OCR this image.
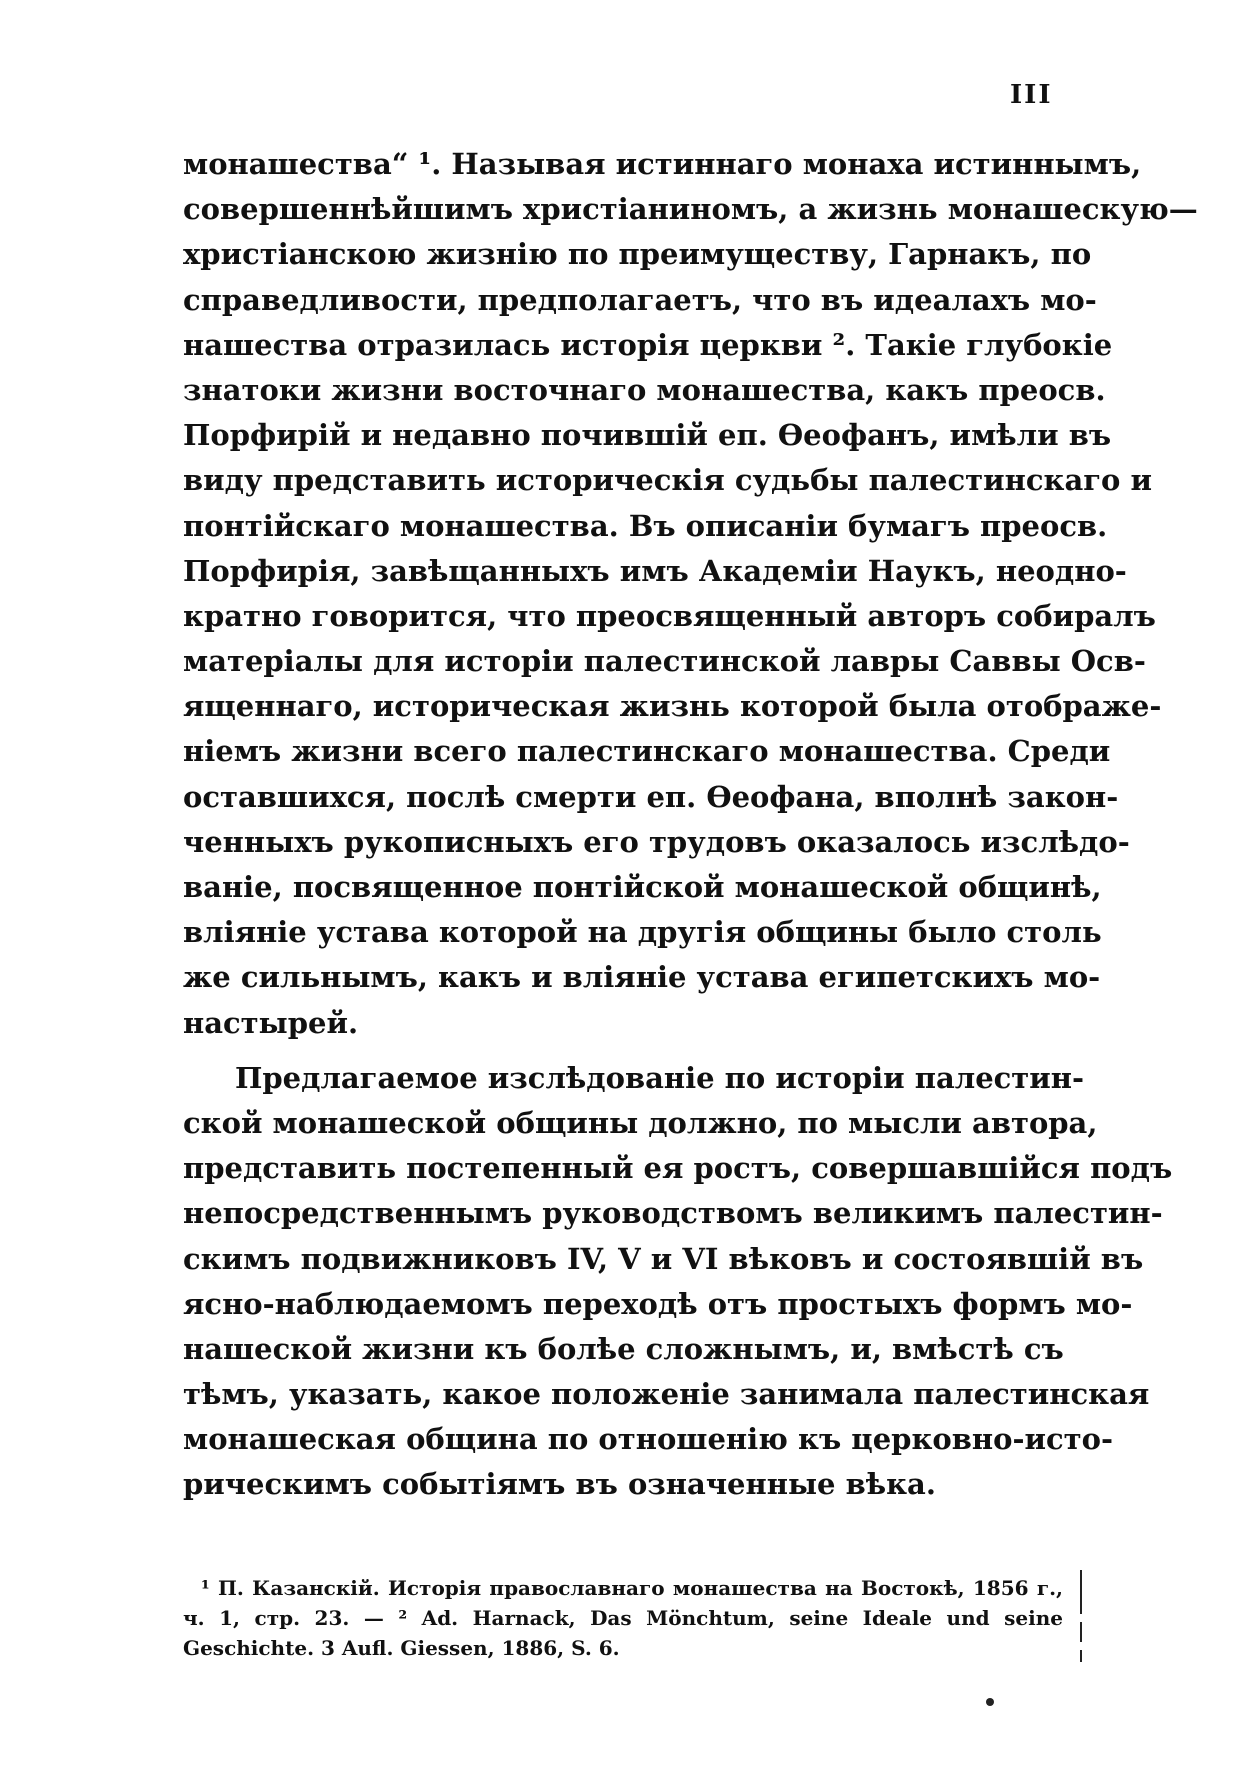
III
монашества“ ¹. Называя истиннаго монаха истиннымъ,
совершеннѣйшимъ христіаниномъ, а жизнь монашескую—
христіанскою жизнію по преимуществу, Гарнакъ, по
справедливости, предполагаетъ, что въ идеалахъ мо-
нашества отразилась исторія церкви ². Такіе глубокіе
знатоки жизни восточнаго монашества, какъ преосв.
Порфирій и недавно почившій еп. Ѳеофанъ, имѣли въ
виду представить историческія судьбы палестинскаго и
понтійскаго монашества. Въ описаніи бумагъ преосв.
Порфирія, завѣщанныхъ имъ Академіи Наукъ, неодно-
кратно говорится, что преосвященный авторъ собиралъ
матеріалы для исторіи палестинской лавры Саввы Осв-
ященнаго, историческая жизнь которой была отображе-
ніемъ жизни всего палестинскаго монашества. Среди
оставшихся, послѣ смерти еп. Ѳеофана, вполнѣ закон-
ченныхъ рукописныхъ его трудовъ оказалось изслѣдо-
ваніе, посвященное понтійской монашеской общинѣ,
вліяніе устава которой на другія общины было столь
же сильнымъ, какъ и вліяніе устава египетскихъ мо-
настырей.
Предлагаемое изслѣдованіе по исторіи палестин-
ской монашеской общины должно, по мысли автора,
представить постепенный ея ростъ, совершавшійся подъ
непосредственнымъ руководствомъ великимъ палестин-
скимъ подвижниковъ IV, V и VI вѣковъ и состоявшій въ
ясно-наблюдаемомъ переходѣ отъ простыхъ формъ мо-
нашеской жизни къ болѣе сложнымъ, и, вмѣстѣ съ
тѣмъ, указать, какое положеніе занимала палестинская
монашеская община по отношенію къ церковно-исто-
рическимъ событіямъ въ означенные вѣка.
¹ П. Казанскій. Исторія православнаго монашества на Востокѣ, 1856 г.,
ч. 1, стр. 23. — ² Ad. Harnack, Das Mönchtum, seine Ideale und seine
Geschichte. 3 Aufl. Giessen, 1886, S. 6.
